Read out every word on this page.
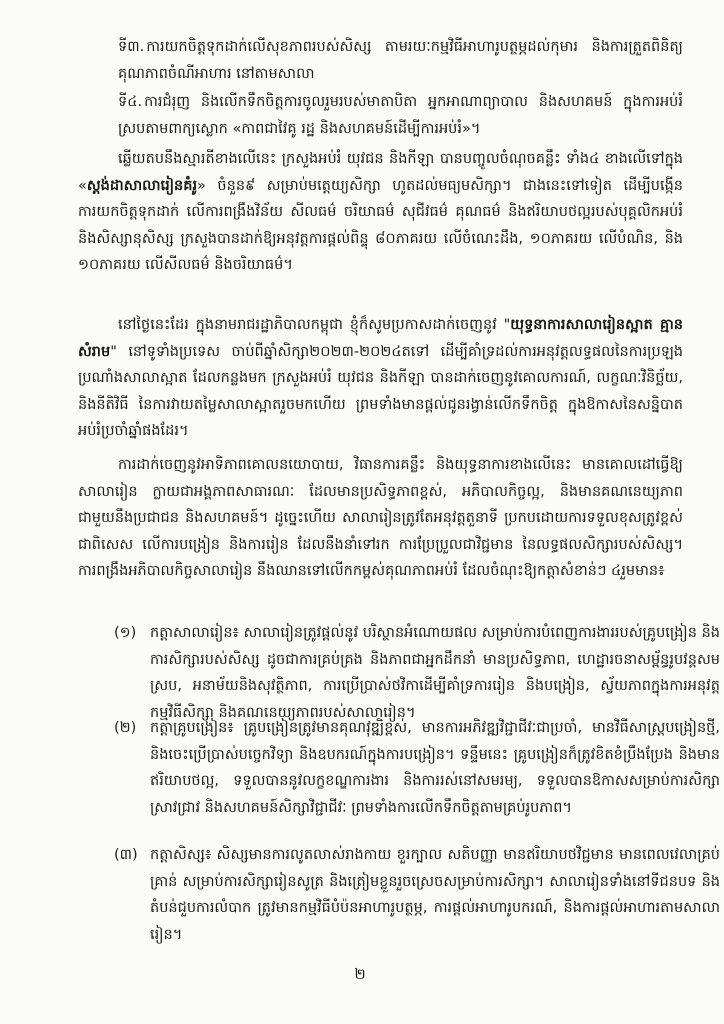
ទី៣. ការយកចិត្តទុកដាក់លើសុខភាពរបស់សិស្ស តាមរយៈកម្មវិធីអាហារូបត្ថម្ភដល់កុមារ និងការត្រួតពិនិត្យគុណភាពចំណីអាហារ នៅតាមសាលា

ទី៤. ការជំរុញ និងលើកទឹកចិត្តការចូលរួមរបស់មាតាបិតា អ្នកអាណាព្យាបាល និងសហគមន៍ ក្នុងការអប់រំស្របតាមពាក្យស្លោក «កាពជាវៃគូ រដ្ឋ និងសហគមន៍ដើម្បីការអប់រំ»។

ឆ្លើយតបនឹងស្មារតីខាងលើនេះ ក្រសួងអប់រំ យុវជន និងកីឡា បានបញ្ចូលចំណុចគន្លឹះ ទាំង៤ ខាងលើទៅក្នុង «ស្តង់ដាសាលារៀនគំរូ» ចំនួន៩ សម្រាប់មត្តេយ្យសិក្សា ហូតដល់មធ្យមសិក្សា។ ជាងនេះទៅទៀត ដើម្បីបង្កើនការយកចិត្តទុកដាក់ លើការពង្រឹងវិន័យ សីលធម៌ ចរិយាធម៌ សុជីវធម៌ គុណធម៌ និងឥរិយាបថល្អរបស់បុគ្គលិកអប់រំ និងសិស្សានុសិស្ស ក្រសួងបានដាក់ឱ្យអនុវត្តការផ្តល់ពិន្ទុ ៨០ភាគរយ លើចំណេះដឹង, ១០ភាគរយ លើបំណិន, និង ១០ភាគរយ លើសីលធម៌ និងចរិយាធម៌។

នៅថ្ងៃនេះដែរ ក្នុងនាមរាជរដ្ឋាភិបាលកម្ពុជា ខ្ញុំក៏សូមប្រកាសដាក់ចេញនូវ "យុទ្ធនាការសាលារៀនស្អាត គ្មានសំរាម" នៅទូទាំងប្រទេស ចាប់ពីឆ្នាំសិក្សា២០២៣-២០២៤តទៅ ដើម្បីគាំទ្រដល់ការអនុវត្តលទ្ធផលនៃការប្រឡងប្រណាំងសាលាស្អាត ដែលកន្លងមក ក្រសួងអប់រំ យុវជន និងកីឡា បានដាក់ចេញនូវគោលការណ៍, លក្ខណៈវិនិច្ឆ័យ, និងនីតិវិធី នៃការវាយតម្លៃសាលាស្អាតរួចមកហើយ ព្រមទាំងមានផ្តល់ជូនរង្វាន់លើកទឹកចិត្ត ក្នុងឱកាសនៃសន្និបាតអប់រំប្រចាំឆ្នាំផងដែរ។

ការដាក់ចេញនូវអាទិភាពគោលនយោបាយ, វិធានការគន្លឹះ និងយុទ្ធនាការខាងលើនេះ មានគោលដៅធ្វើឱ្យសាលារៀន ក្លាយជាអង្គភាពសាធារណៈ ដែលមានប្រសិទ្ធភាពខ្ពស់, អភិបាលកិច្ចល្អ, និងមានគណនេយ្យភាព ជាមួយនឹងប្រជាជន និងសហគមន៍។ ដូច្នេះហើយ សាលារៀនត្រូវតែអនុវត្តតួនាទី ប្រកបដោយការទទួលខុសត្រូវខ្ពស់ ជាពិសេស លើការបង្រៀន និងការរៀន ដែលនឹងនាំទៅរក ការប្រែប្រួលជាវិជ្ជមាន នៃលទ្ធផលសិក្សារបស់សិស្ស។ ការពង្រឹងអភិបាលកិច្ចសាលារៀន នឹងឈានទៅលើកកម្ពស់គុណភាពអប់រំ ដែលចំណុះឱ្យកត្តាសំខាន់ៗ ៤រួមមាន៖

(១) កត្តាសាលារៀន៖ សាលារៀនត្រូវផ្តល់នូវ បរិស្ថានអំណោយផល សម្រាប់ការបំពេញការងាររបស់គ្រូបង្រៀន និងការសិក្សារបស់សិស្ស ដូចជាការគ្រប់គ្រង និងភាពជាអ្នកដឹកនាំ មានប្រសិទ្ធភាព, ហេដ្ឋារចនាសម្ព័ន្ធរូបវន្តសមស្រប, អនាម័យនិងសុវត្ថិភាព, ការប្រើប្រាស់ថវិកាដើម្បីគាំទ្រការរៀន និងបង្រៀន, ស្វ័យភាពក្នុងការអនុវត្តកម្មវិធីសិក្សា និងគណនេយ្យភាពរបស់សាលារៀន។

(២) កត្តាគ្រូបង្រៀន៖ គ្រូបង្រៀនត្រូវមានគុណវុឌ្ឍិខ្ពស់, មានការអភិវឌ្ឍវិជ្ជាជីវៈជាប្រចាំ, មានវិធីសាស្ត្របង្រៀនថ្មី, និងចេះប្រើប្រាស់បច្ចេកវិទ្យា និងឧបករណ៍ក្នុងការបង្រៀន។ ទន្ទឹមនេះ គ្រូបង្រៀនក៏ត្រូវខិតខំប្រឹងប្រែង និងមានឥរិយាបថល្អ, ទទួលបាននូវលក្ខខណ្ឌការងារ និងការរស់នៅសមរម្យ, ទទួលបានឱកាសសម្រាប់ការសិក្សាស្រាវជ្រាវ និងសហគមន៍សិក្សាវិជ្ជាជីវៈ ព្រមទាំងការលើកទឹកចិត្តតាមគ្រប់រូបភាព។

(៣) កត្តាសិស្ស៖ សិស្សមានការលូតលាស់រាងកាយ ខួរក្បាល សតិបញ្ញា មានឥរិយាបថវិជ្ជមាន មានពេលវេលាគ្រប់គ្រាន់ សម្រាប់ការសិក្សារៀនសូត្រ និងត្រៀមខ្លួនរួចស្រេចសម្រាប់ការសិក្សា។ សាលារៀនទាំងនៅទីជនបទ និងតំបន់ជួបការលំបាក ត្រូវមានកម្មវិធីបំប៉នអាហារូបត្ថម្ភ, ការផ្តល់អាហារូបករណ៍, និងការផ្តល់អាហារតាមសាលារៀន។

២
